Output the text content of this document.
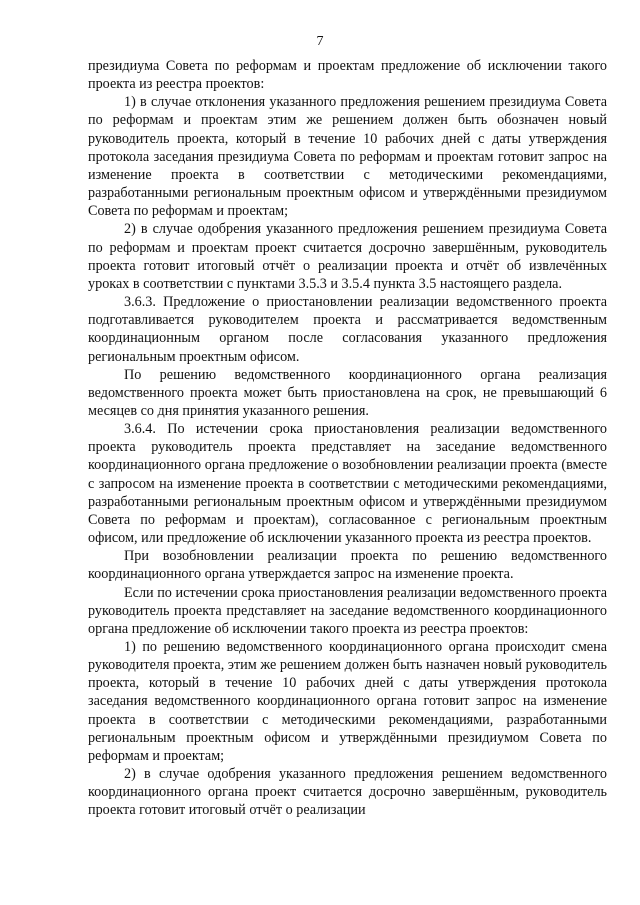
7

президиума Совета по реформам и проектам предложение об исключении такого проекта из реестра проектов:

1) в случае отклонения указанного предложения решением президиума Совета по реформам и проектам этим же решением должен быть обозначен новый руководитель проекта, который в течение 10 рабочих дней с даты утверждения протокола заседания президиума Совета по реформам и проектам готовит запрос на изменение проекта в соответствии с методическими рекомендациями, разработанными региональным проектным офисом и утверждёнными президиумом Совета по реформам и проектам;

2) в случае одобрения указанного предложения решением президиума Совета по реформам и проектам проект считается досрочно завершённым, руководитель проекта готовит итоговый отчёт о реализации проекта и отчёт об извлечённых уроках в соответствии с пунктами 3.5.3 и 3.5.4 пункта 3.5 настоящего раздела.

3.6.3. Предложение о приостановлении реализации ведомственного проекта подготавливается руководителем проекта и рассматривается ведомственным координационным органом после согласования указанного предложения региональным проектным офисом.

По решению ведомственного координационного органа реализация ведомственного проекта может быть приостановлена на срок, не превышающий 6 месяцев со дня принятия указанного решения.

3.6.4. По истечении срока приостановления реализации ведомственного проекта руководитель проекта представляет на заседание ведомственного координационного органа предложение о возобновлении реализации проекта (вместе с запросом на изменение проекта в соответствии с методическими рекомендациями, разработанными региональным проектным офисом и утверждёнными президиумом Совета по реформам и проектам), согласованное с региональным проектным офисом, или предложение об исключении указанного проекта из реестра проектов.

При возобновлении реализации проекта по решению ведомственного координационного органа утверждается запрос на изменение проекта.

Если по истечении срока приостановления реализации ведомственного проекта руководитель проекта представляет на заседание ведомственного координационного органа предложение об исключении такого проекта из реестра проектов:

1) по решению ведомственного координационного органа происходит смена руководителя проекта, этим же решением должен быть назначен новый руководитель проекта, который в течение 10 рабочих дней с даты утверждения протокола заседания ведомственного координационного органа готовит запрос на изменение проекта в соответствии с методическими рекомендациями, разработанными региональным проектным офисом и утверждёнными президиумом Совета по реформам и проектам;

2) в случае одобрения указанного предложения решением ведомственного координационного органа проект считается досрочно завершённым, руководитель проекта готовит итоговый отчёт о реализации
